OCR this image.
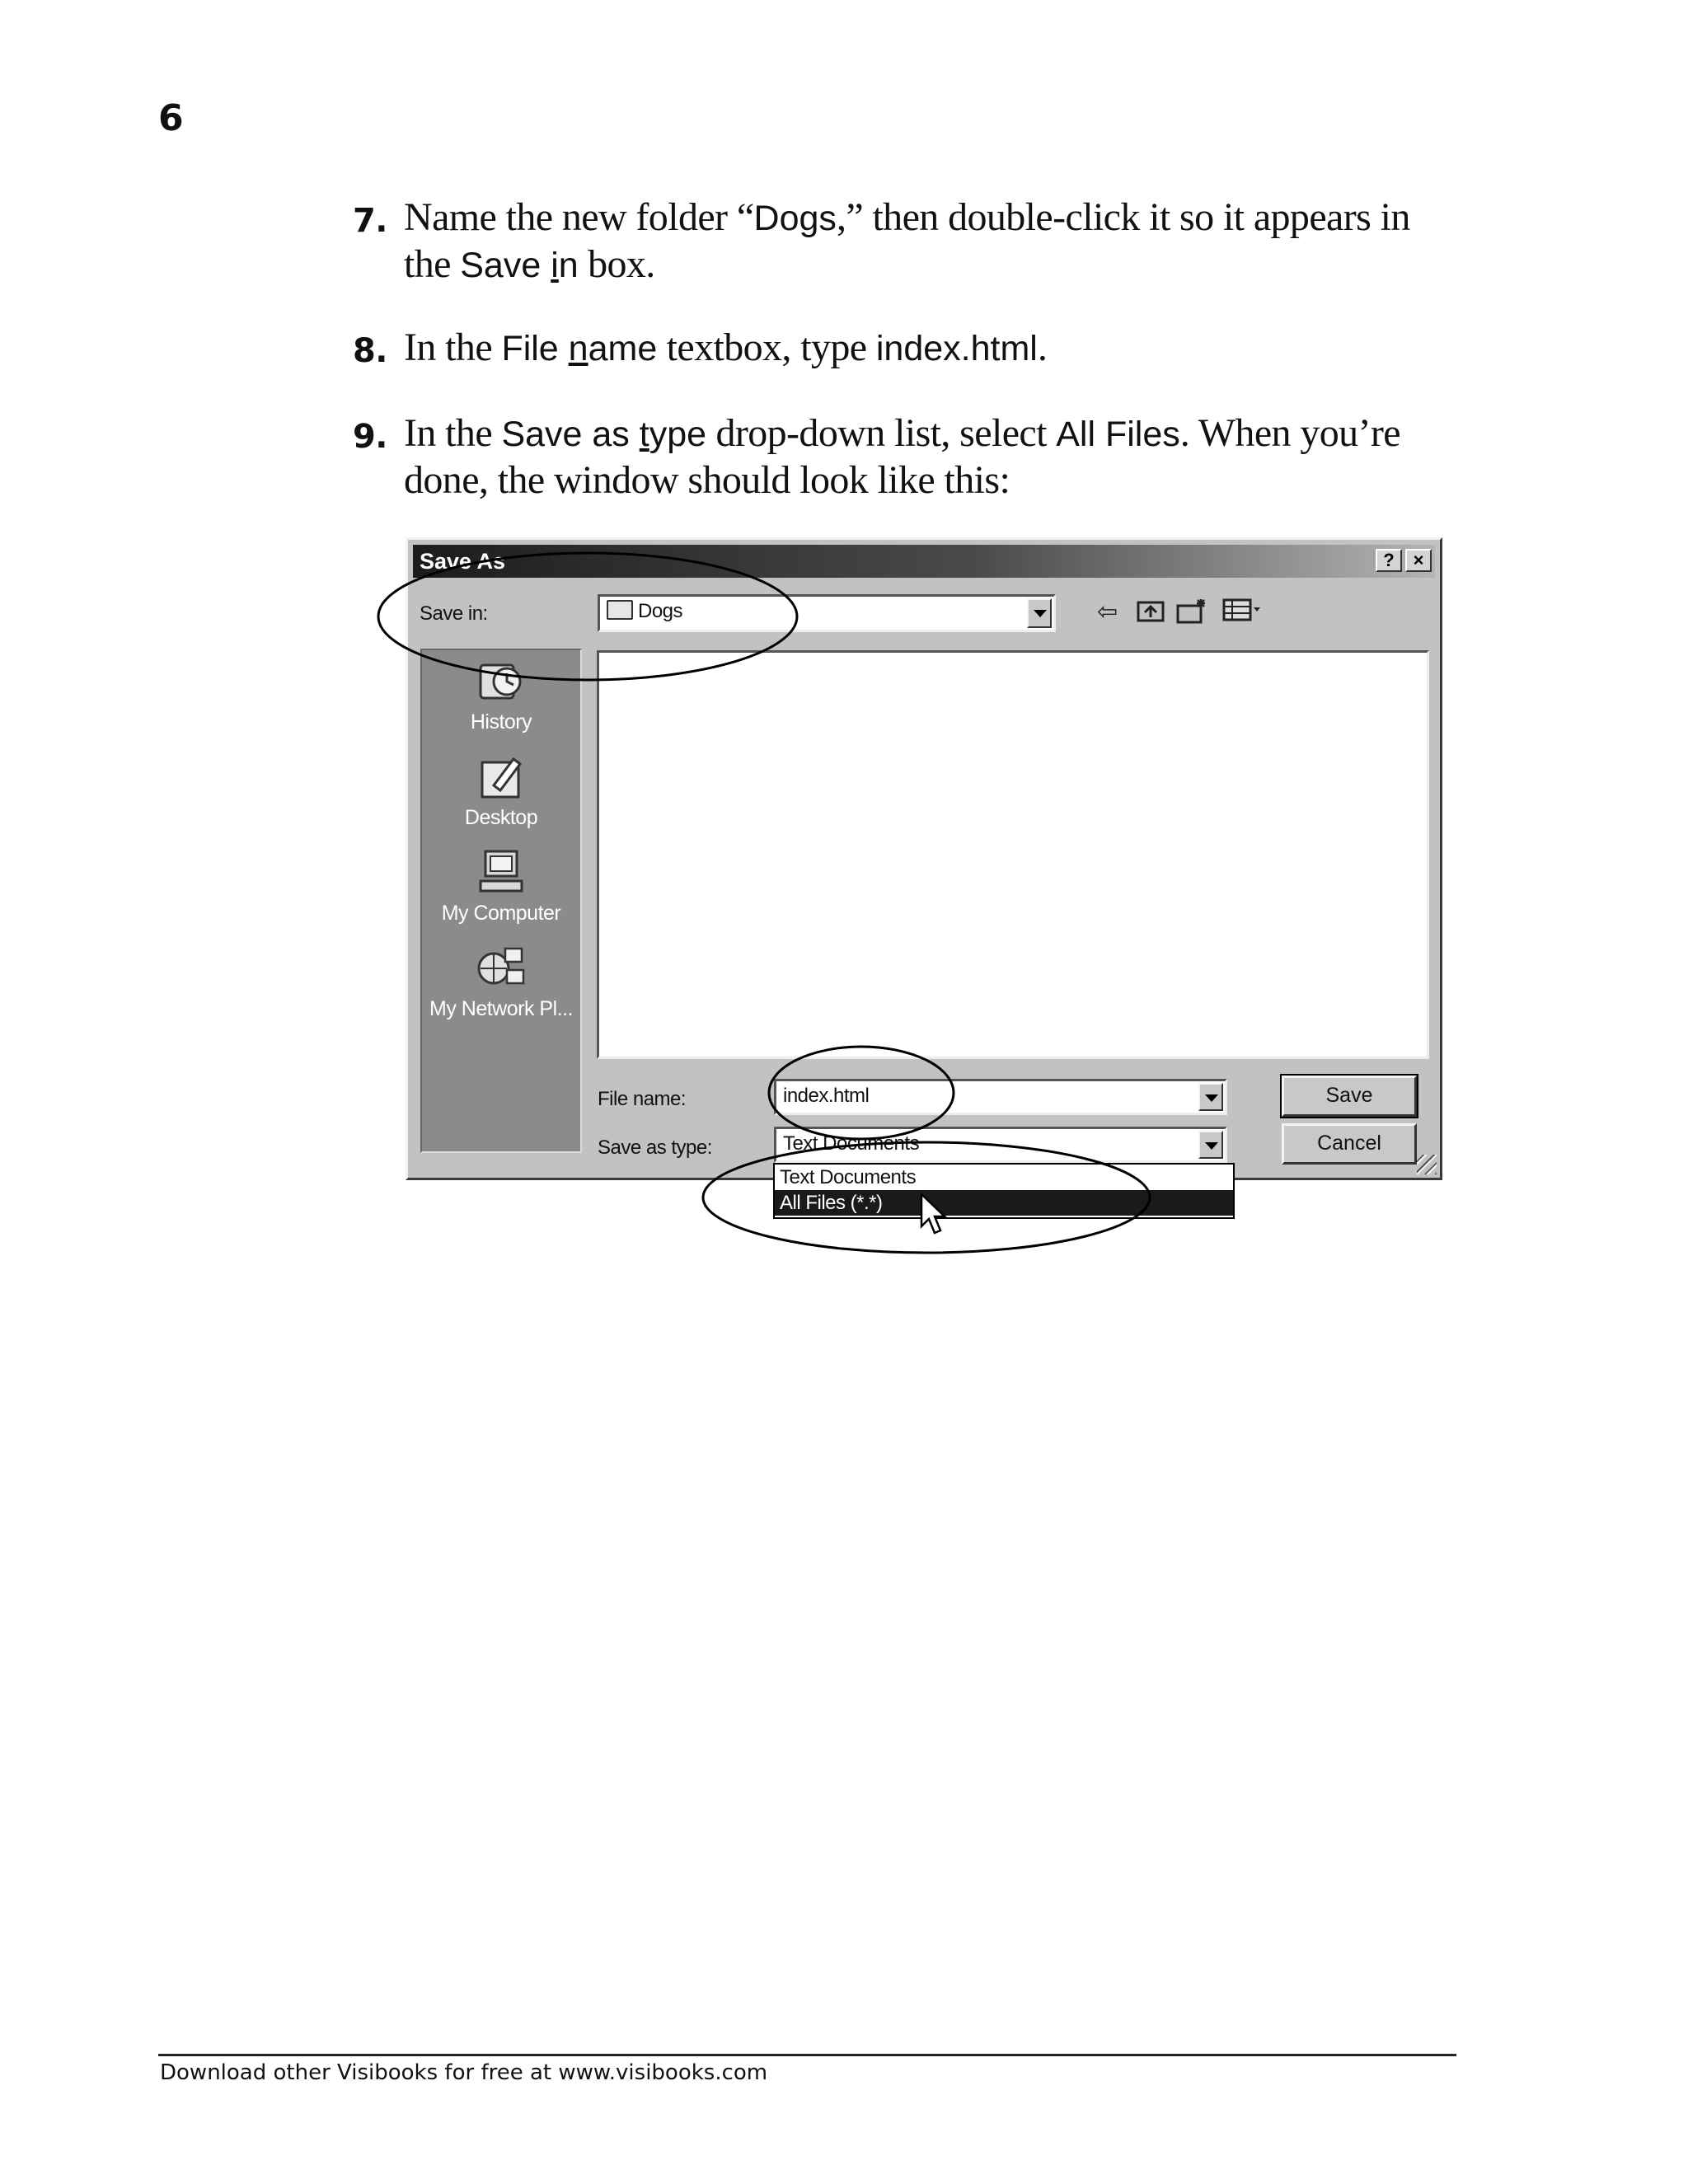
6
7. Name the new folder “Dogs,” then double-click it so it appears in the Save in box.
8. In the File name textbox, type index.html.
9. In the Save as type drop-down list, select All Files. When you’re done, the window should look like this:
Save As	?	×
Save in:	Dogs	⇦
History
Desktop
My Computer
My Network Pl...
File name:	index.html
Save as type:	Text Documents
Save
Cancel
Text Documents
All Files (*.*)
Download other Visibooks for free at www.visibooks.com
